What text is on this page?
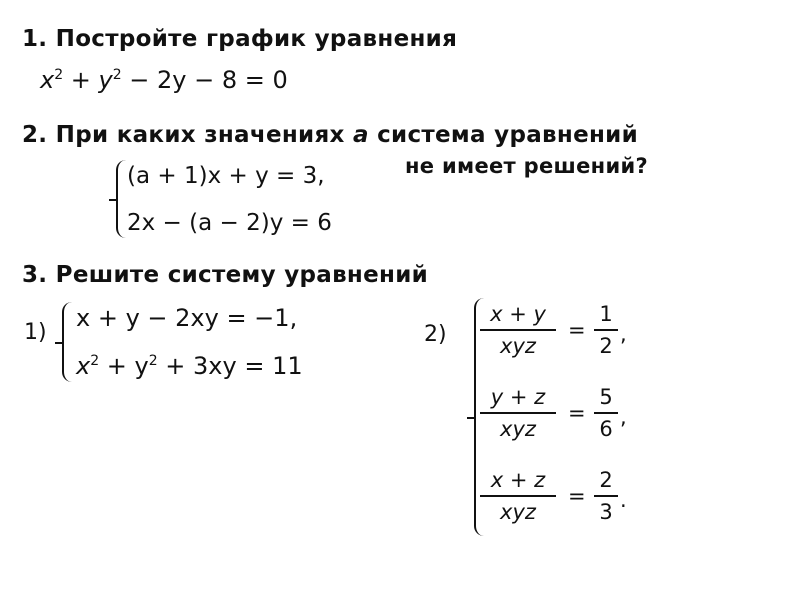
1. Постройте график уравнения
$x^2 + y^2 - 2y - 8 = 0$
2. При каких значениях a система уравнений
не имеет решений?
(a + 1)x + y = 3,
2x − (a − 2)y = 6
3. Решите систему уравнений
1)
x + y − 2xy = −1,
$x^2 + y^2 + 3xy = 11$
2)
x + y
xyz
=
1
2 ,
y + z
xyz
=
5
6 ,
x + z
xyz
=
2
3 .
